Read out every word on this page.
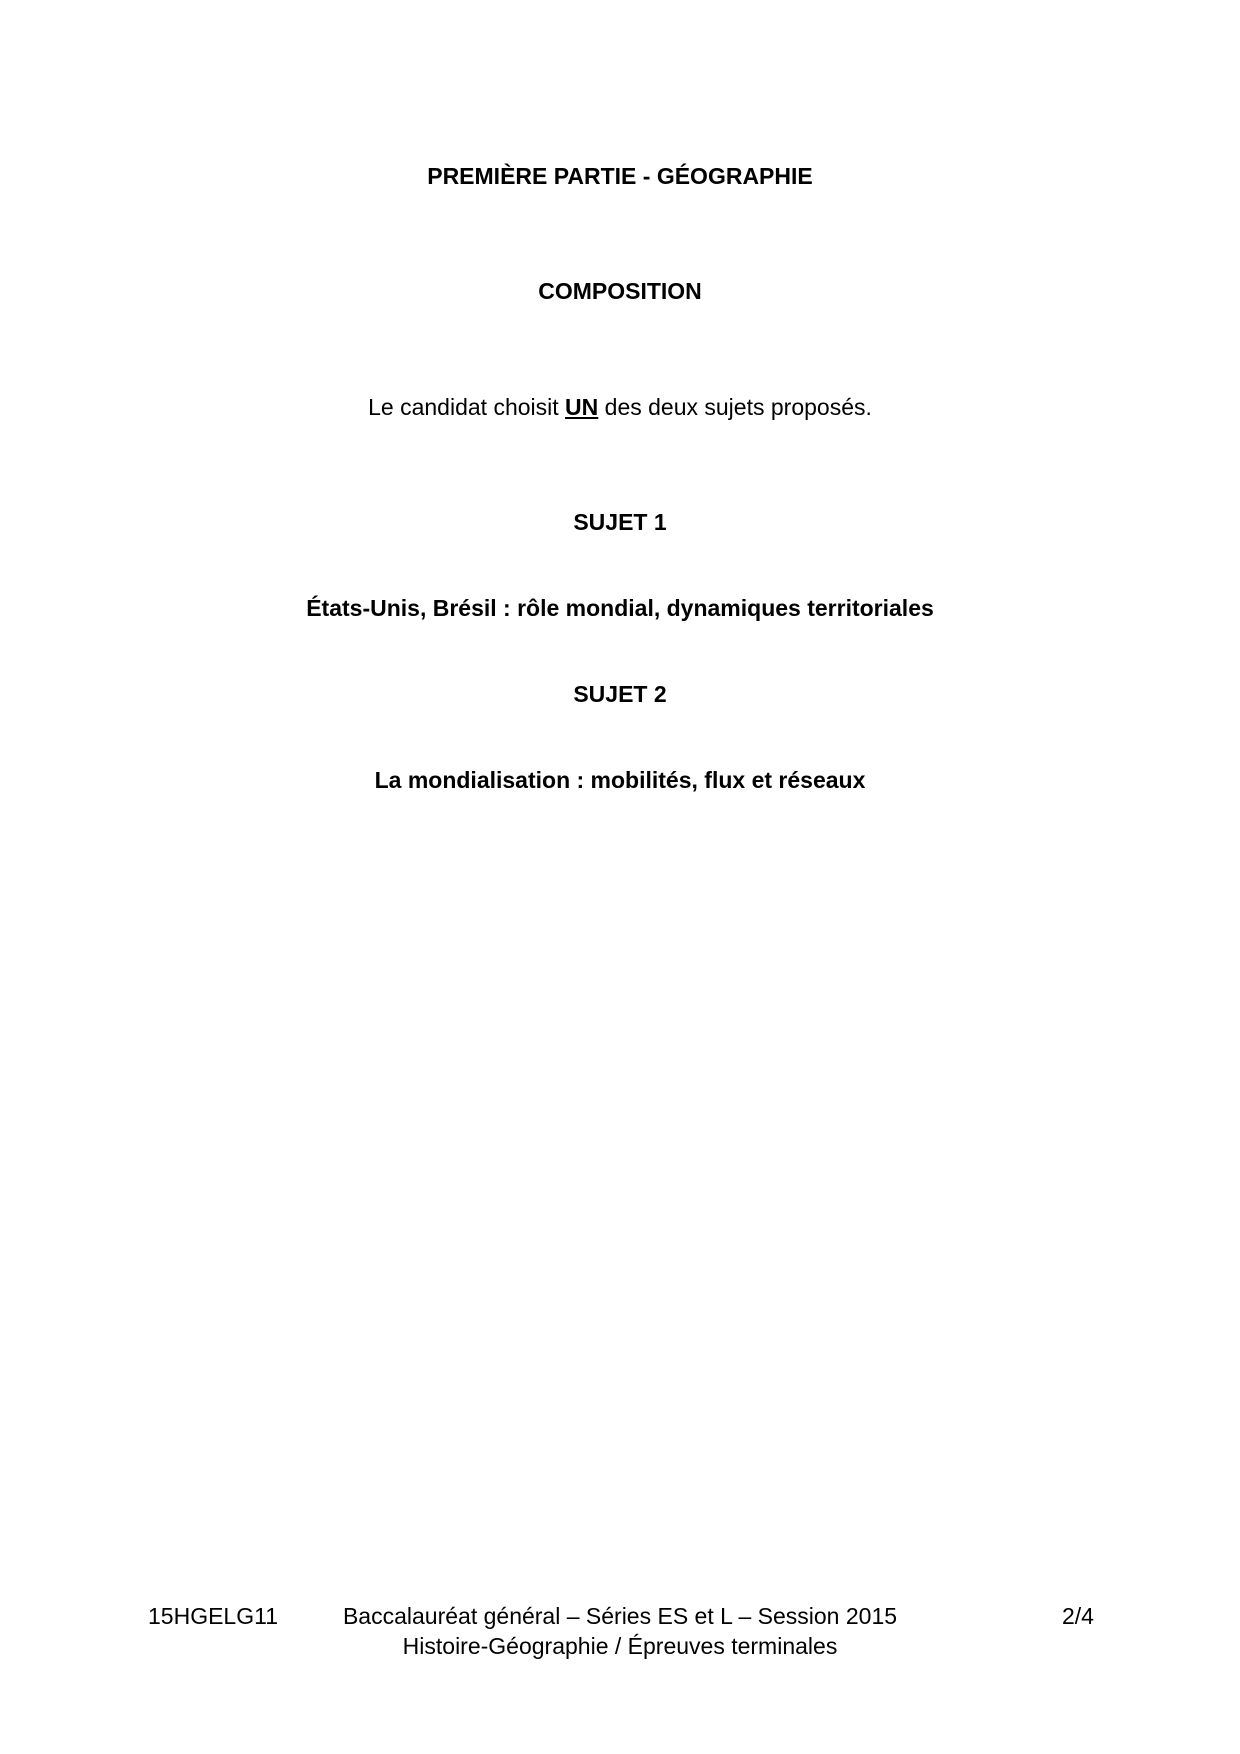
PREMIÈRE PARTIE - GÉOGRAPHIE
COMPOSITION
Le candidat choisit UN des deux sujets proposés.
SUJET 1
États-Unis, Brésil : rôle mondial, dynamiques territoriales
SUJET 2
La mondialisation : mobilités, flux et réseaux
15HGELG11	Baccalauréat général – Séries ES et L – Session 2015
Histoire-Géographie / Épreuves terminales
2/4
